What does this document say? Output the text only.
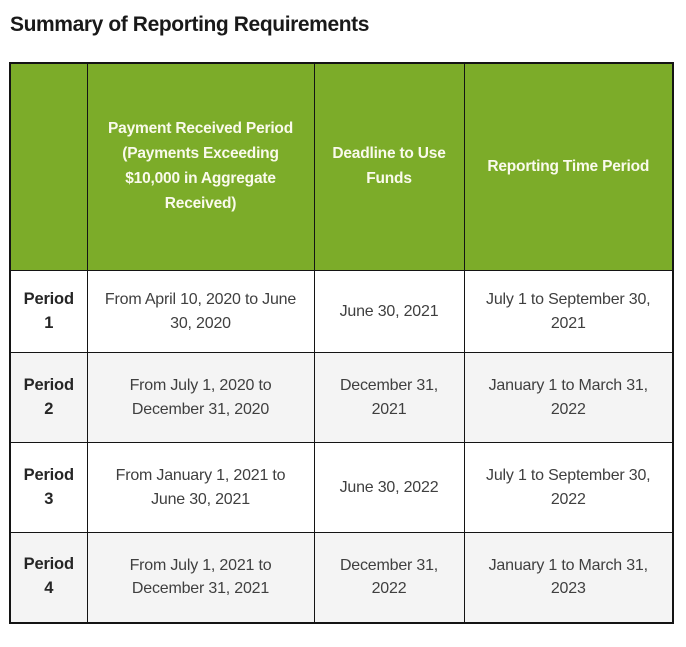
Summary of Reporting Requirements
	Payment Received Period (Payments Exceeding $10,000 in Aggregate Received)	Deadline to Use Funds	Reporting Time Period
Period 1	From April 10, 2020 to June 30, 2020	June 30, 2021	July 1 to September 30, 2021
Period 2	From July 1, 2020 to December 31, 2020	December 31, 2021	January 1 to March 31, 2022
Period 3	From January 1, 2021 to June 30, 2021	June 30, 2022	July 1 to September 30, 2022
Period 4	From July 1, 2021 to December 31, 2021	December 31, 2022	January 1 to March 31, 2023
